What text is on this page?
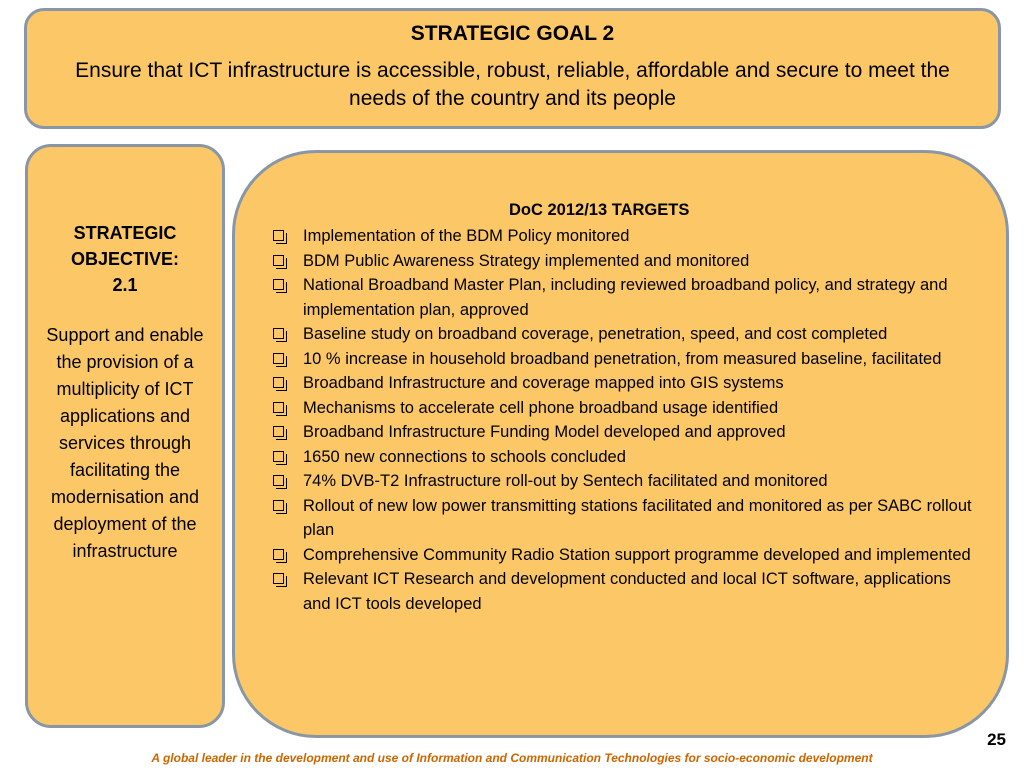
STRATEGIC GOAL 2
Ensure that ICT infrastructure is accessible, robust, reliable, affordable and secure to meet the needs of the country and its people
STRATEGIC
OBJECTIVE:
2.1
Support and enable the provision of a multiplicity of ICT applications and services through facilitating the modernisation and deployment of the infrastructure
DoC 2012/13 TARGETS
Implementation of the BDM Policy monitored
BDM Public Awareness Strategy implemented and monitored
National Broadband Master Plan, including reviewed broadband policy, and strategy and implementation plan, approved
Baseline study on broadband coverage, penetration, speed, and cost completed
10 % increase in household broadband penetration, from measured baseline, facilitated
Broadband Infrastructure and coverage mapped into GIS systems
Mechanisms to accelerate cell phone broadband usage identified
Broadband Infrastructure Funding Model developed and approved
1650 new connections to schools concluded
74% DVB-T2 Infrastructure roll-out by Sentech facilitated and monitored
Rollout of new low power transmitting stations facilitated and monitored as per SABC rollout plan
Comprehensive Community Radio Station support programme developed and implemented
Relevant ICT Research and development conducted and local ICT software, applications and ICT tools developed
25
A global leader in the development and use of Information and Communication Technologies for socio-economic development
